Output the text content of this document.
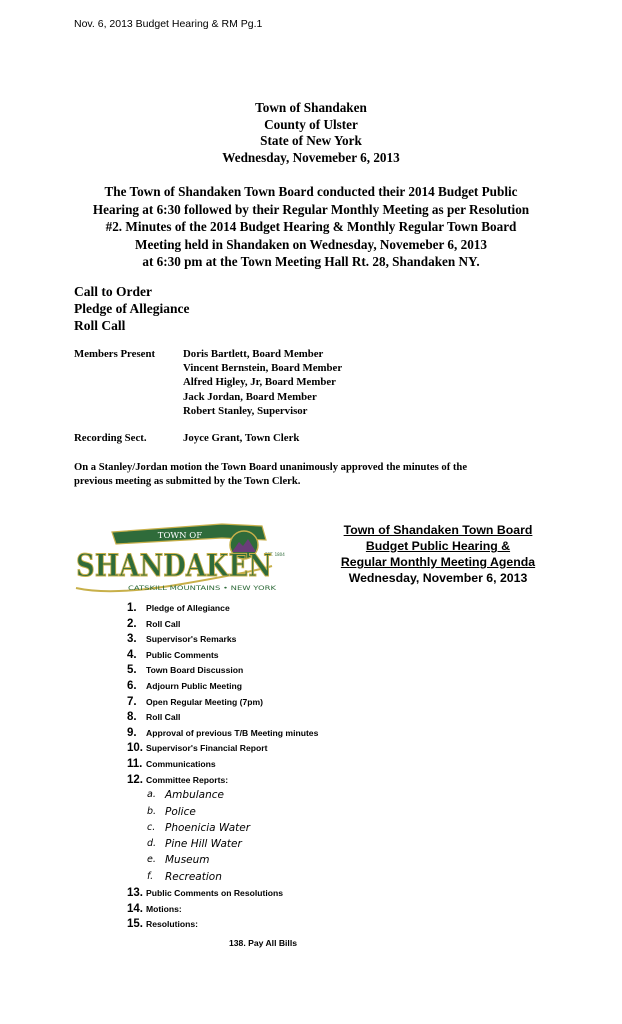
Nov. 6, 2013 Budget Hearing & RM Pg.1
Town of Shandaken
County of Ulster
State of New York
Wednesday, Novemeber 6, 2013
The Town of Shandaken Town Board conducted their 2014 Budget Public
Hearing at 6:30 followed by their Regular Monthly Meeting as per Resolution
#2. Minutes of the 2014 Budget Hearing & Monthly Regular Town Board
Meeting held in Shandaken on Wednesday, Novemeber 6, 2013
at 6:30 pm at the Town Meeting Hall Rt. 28, Shandaken NY.
Call to Order
Pledge of Allegiance
Roll Call
Members Present	Doris Bartlett, Board Member
Vincent Bernstein, Board Member
Alfred Higley, Jr, Board Member
Jack Jordan, Board Member
Robert Stanley, Supervisor
Recording Sect.	Joyce Grant, Town Clerk
On a Stanley/Jordan motion the Town Board unanimously approved the minutes of the
previous meeting as submitted by the Town Clerk.
TOWN OF
EST. 1804
SHANDAKEN
CATSKILL MOUNTAINS • NEW YORK
Town of Shandaken Town Board
Budget Public Hearing &
Regular Monthly Meeting Agenda
Wednesday, November 6, 2013
1. Pledge of Allegiance
2. Roll Call
3. Supervisor's Remarks
4. Public Comments
5. Town Board Discussion
6. Adjourn Public Meeting
7. Open Regular Meeting (7pm)
8. Roll Call
9. Approval of previous T/B Meeting minutes
10. Supervisor's Financial Report
11. Communications
12. Committee Reports:
a. Ambulance
b. Police
c. Phoenicia Water
d. Pine Hill Water
e. Museum
f. Recreation
13. Public Comments on Resolutions
14. Motions:
15. Resolutions:
138. Pay All Bills
